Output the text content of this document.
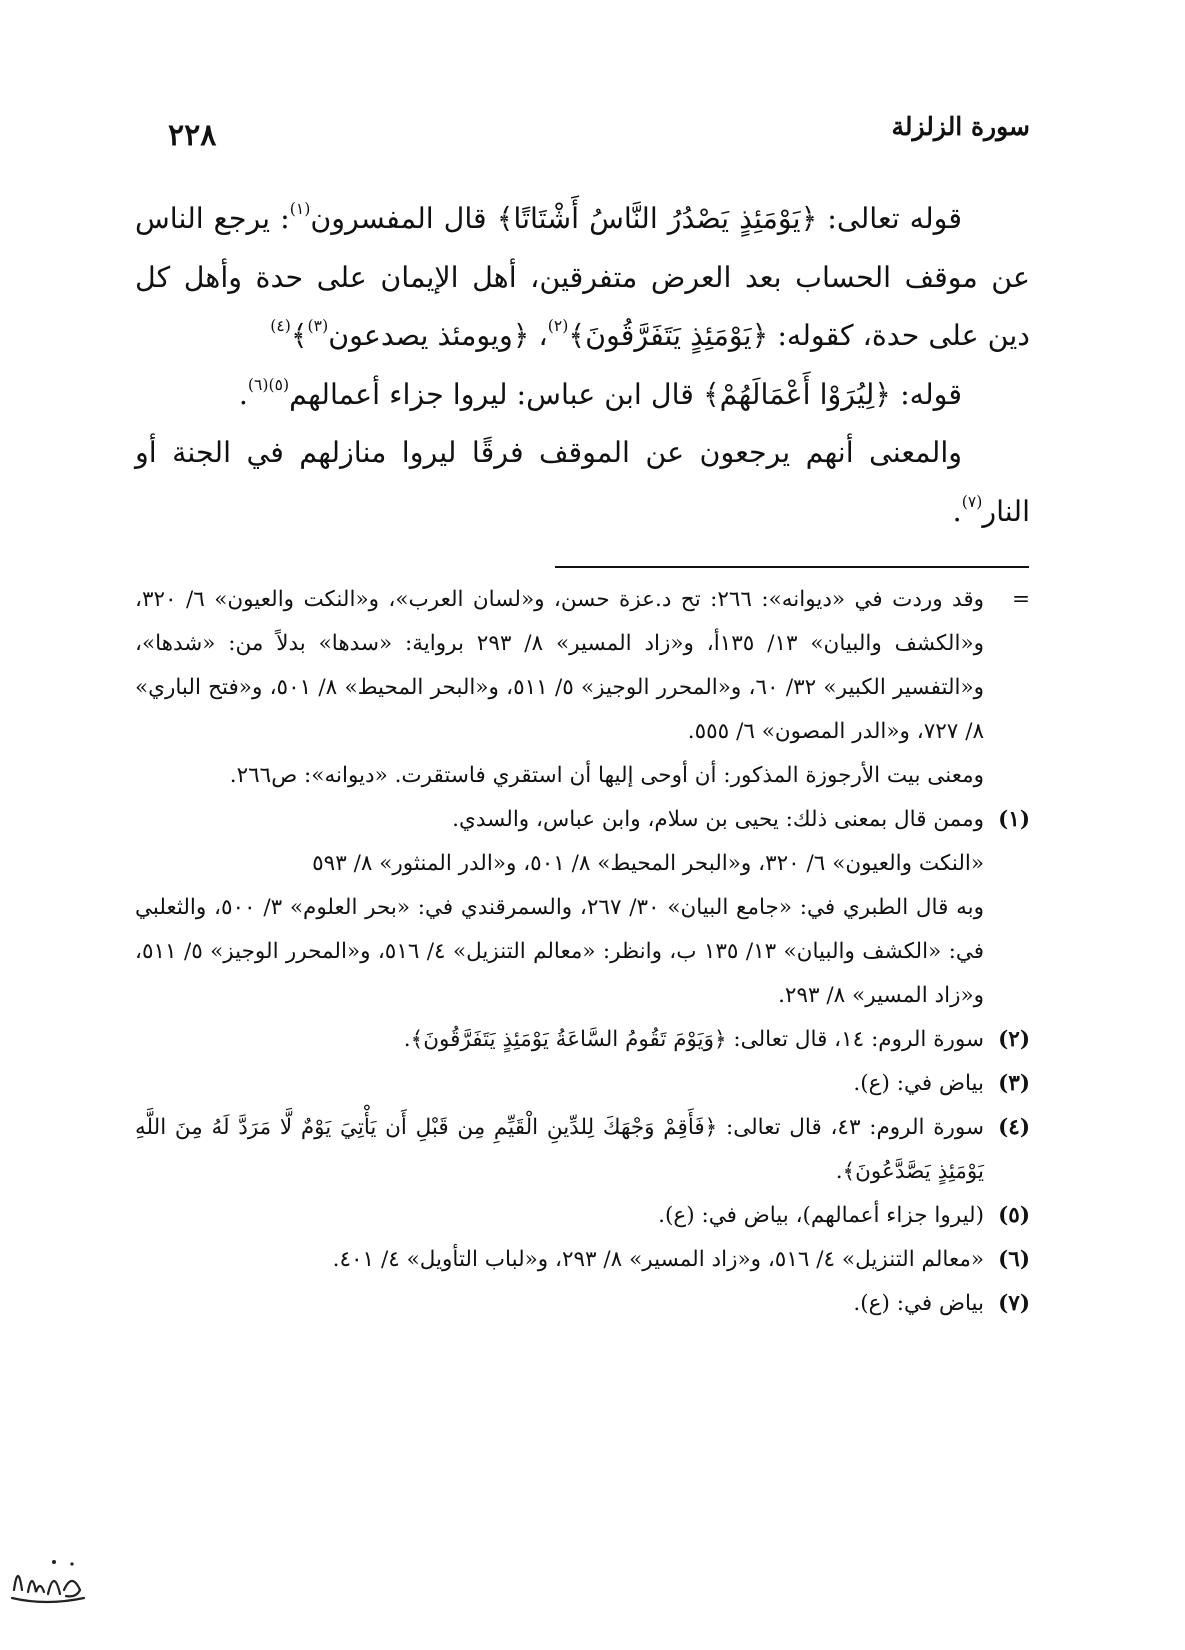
٢٢٨	سورة الزلزلة

قوله تعالى: ﴿يَوْمَئِذٍ يَصْدُرُ النَّاسُ أَشْتَاتًا﴾ قال المفسرون$^{(١)}$: يرجع الناس عن موقف الحساب بعد العرض متفرقين، أهل الإيمان على حدة وأهل كل دين على حدة، كقوله: ﴿يَوْمَئِذٍ يَتَفَرَّقُونَ﴾$^{(٢)}$، ﴿ويومئذ يصدعون$^{(٣)}$﴾$^{(٤)}$

قوله: ﴿لِيُرَوْا أَعْمَالَهُمْ﴾ قال ابن عباس: ليروا جزاء أعمالهم$^{(٥)(٦)}$.

والمعنى أنهم يرجعون عن الموقف فرقًا ليروا منازلهم في الجنة أو النار$^{(٧)}$.

=
وقد وردت في «ديوانه»: ٢٦٦: تح د.عزة حسن، و«لسان العرب»، و«النكت والعيون» ٦/ ٣٢٠، و«الكشف والبيان» ١٣/ ١٣٥أ، و«زاد المسير» ٨/ ٢٩٣ برواية: «سدها» بدلاً من: «شدها»، و«التفسير الكبير» ٣٢/ ٦٠، و«المحرر الوجيز» ٥/ ٥١١، و«البحر المحيط» ٨/ ٥٠١، و«فتح الباري» ٨/ ٧٢٧، و«الدر المصون» ٦/ ٥٥٥.
ومعنى بيت الأرجوزة المذكور: أن أوحى إليها أن استقري فاستقرت. «ديوانه»: ص٢٦٦.
(١)
وممن قال بمعنى ذلك: يحيى بن سلام، وابن عباس، والسدي.
«النكت والعيون» ٦/ ٣٢٠، و«البحر المحيط» ٨/ ٥٠١، و«الدر المنثور» ٨/ ٥٩٣
وبه قال الطبري في: «جامع البيان» ٣٠/ ٢٦٧، والسمرقندي في: «بحر العلوم» ٣/ ٥٠٠، والثعلبي في: «الكشف والبيان» ١٣/ ١٣٥ ب، وانظر: «معالم التنزيل» ٤/ ٥١٦، و«المحرر الوجيز» ٥/ ٥١١، و«زاد المسير» ٨/ ٢٩٣.
(٢)
سورة الروم: ١٤، قال تعالى: ﴿وَيَوْمَ تَقُومُ السَّاعَةُ يَوْمَئِذٍ يَتَفَرَّقُونَ﴾.
(٣)
بياض في: (ع).
(٤)
سورة الروم: ٤٣، قال تعالى: ﴿فَأَقِمْ وَجْهَكَ لِلدِّينِ الْقَيِّمِ مِن قَبْلِ أَن يَأْتِيَ يَوْمٌ لَّا مَرَدَّ لَهُ مِنَ اللَّهِ يَوْمَئِذٍ يَصَّدَّعُونَ﴾.
(٥)
(ليروا جزاء أعمالهم)، بياض في: (ع).
(٦)
«معالم التنزيل» ٤/ ٥١٦، و«زاد المسير» ٨/ ٢٩٣، و«لباب التأويل» ٤/ ٤٠١.
(٧)
بياض في: (ع).
